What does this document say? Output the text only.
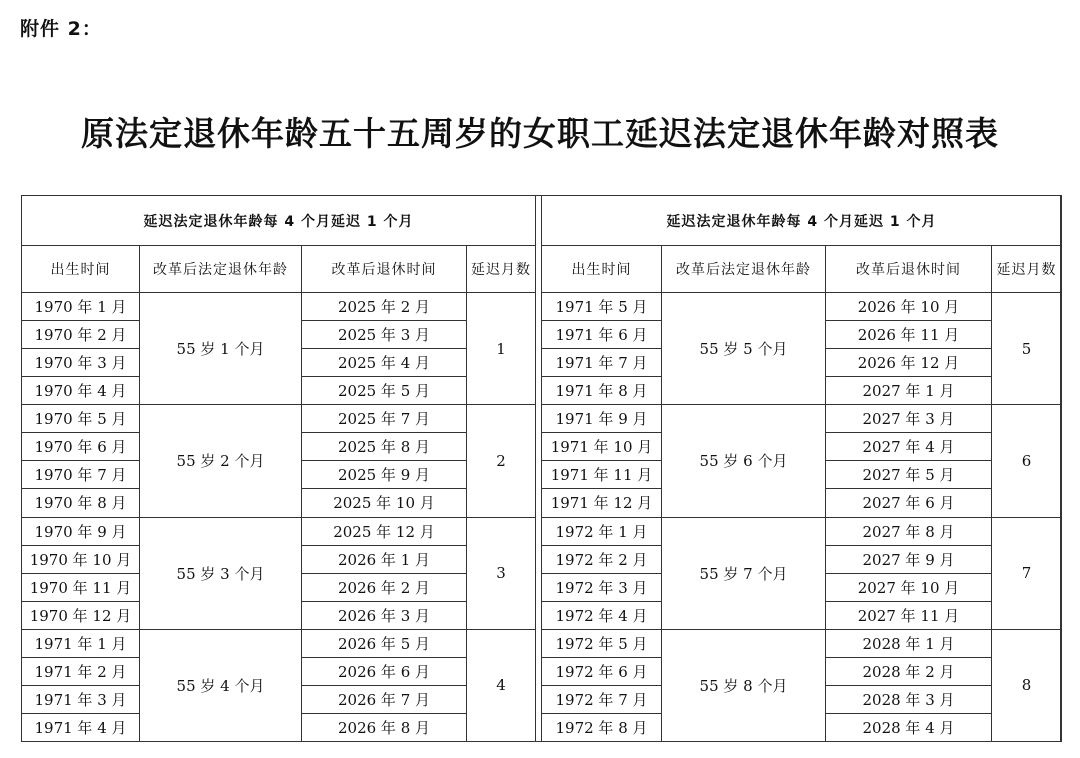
附件 2：
原法定退休年龄五十五周岁的女职工延迟法定退休年龄对照表
延迟法定退休年龄每 4 个月延迟 1 个月			
出生时间	改革后法定退休年龄	改革后退休时间	延迟月数
1970 年 1 月	55 岁 1 个月	2025 年 2 月	1
1970 年 2 月		2025 年 3 月	
1970 年 3 月		2025 年 4 月	
1970 年 4 月		2025 年 5 月	
1970 年 5 月	55 岁 2 个月	2025 年 7 月	2
1970 年 6 月		2025 年 8 月	
1970 年 7 月		2025 年 9 月	
1970 年 8 月		2025 年 10 月	
1970 年 9 月	55 岁 3 个月	2025 年 12 月	3
1970 年 10 月		2026 年 1 月	
1970 年 11 月		2026 年 2 月	
1970 年 12 月		2026 年 3 月	
1971 年 1 月	55 岁 4 个月	2026 年 5 月	4
1971 年 2 月		2026 年 6 月	
1971 年 3 月		2026 年 7 月	
1971 年 4 月		2026 年 8 月	
延迟法定退休年龄每 4 个月延迟 1 个月			
出生时间	改革后法定退休年龄	改革后退休时间	延迟月数
1971 年 5 月	55 岁 5 个月	2026 年 10 月	5
1971 年 6 月		2026 年 11 月	
1971 年 7 月		2026 年 12 月	
1971 年 8 月		2027 年 1 月	
1971 年 9 月	55 岁 6 个月	2027 年 3 月	6
1971 年 10 月		2027 年 4 月	
1971 年 11 月		2027 年 5 月	
1971 年 12 月		2027 年 6 月	
1972 年 1 月	55 岁 7 个月	2027 年 8 月	7
1972 年 2 月		2027 年 9 月	
1972 年 3 月		2027 年 10 月	
1972 年 4 月		2027 年 11 月	
1972 年 5 月	55 岁 8 个月	2028 年 1 月	8
1972 年 6 月		2028 年 2 月	
1972 年 7 月		2028 年 3 月	
1972 年 8 月		2028 年 4 月	
